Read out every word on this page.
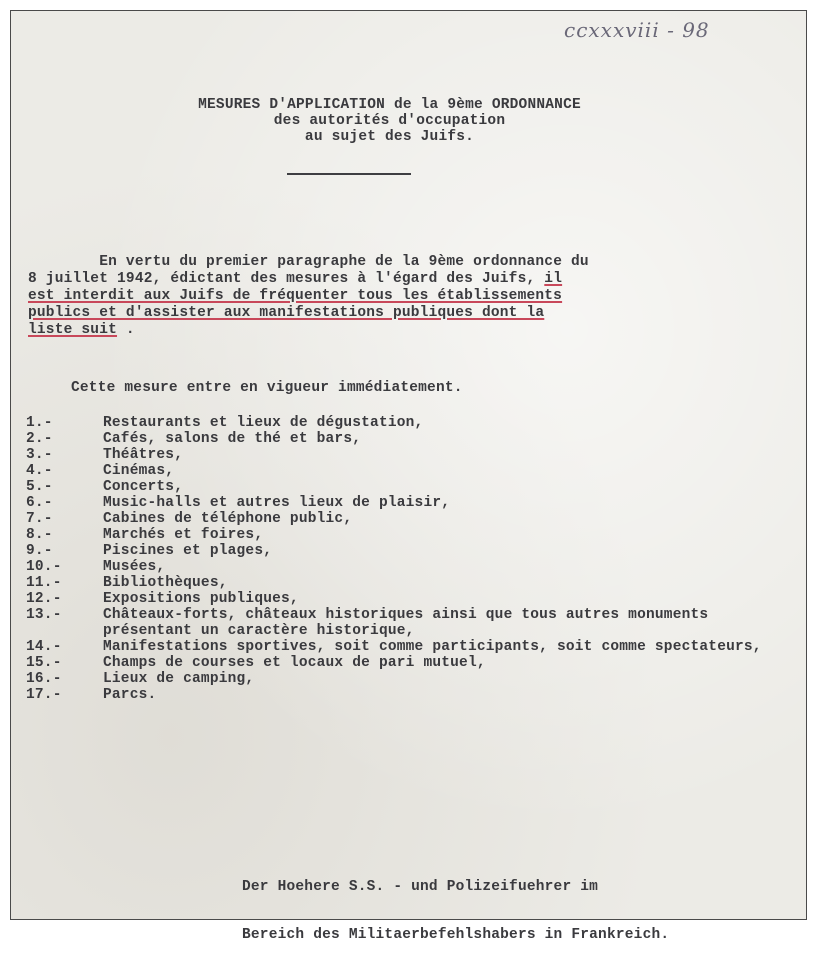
ccxxxviii - 98
MESURES D'APPLICATION de la 9ème ORDONNANCE
des autorités d'occupation
au sujet des Juifs.
En vertu du premier paragraphe de la 9ème ordonnance du
8 juillet 1942, édictant des mesures à l'égard des Juifs, il
est interdit aux Juifs de fréquenter tous les établissements
publics et d'assister aux manifestations publiques dont la
liste suit .
Cette mesure entre en vigueur immédiatement.
1.-	Restaurants et lieux de dégustation,
2.-	Cafés, salons de thé et bars,
3.-	Théâtres,
4.-	Cinémas,
5.-	Concerts,
6.-	Music-halls et autres lieux de plaisir,
7.-	Cabines de téléphone public,
8.-	Marchés et foires,
9.-	Piscines et plages,
10.-	Musées,
11.-	Bibliothèques,
12.-	Expositions publiques,
13.-	Châteaux-forts, châteaux historiques ainsi que tous autres monuments présentant un caractère historique,
14.-	Manifestations sportives, soit comme participants, soit comme spectateurs,
15.-	Champs de courses et locaux de pari mutuel,
16.-	Lieux de camping,
17.-	Parcs.

Der Hoehere S.S. - und Polizeifuehrer im

Bereich des Militaerbefehlshabers in Frankreich.
